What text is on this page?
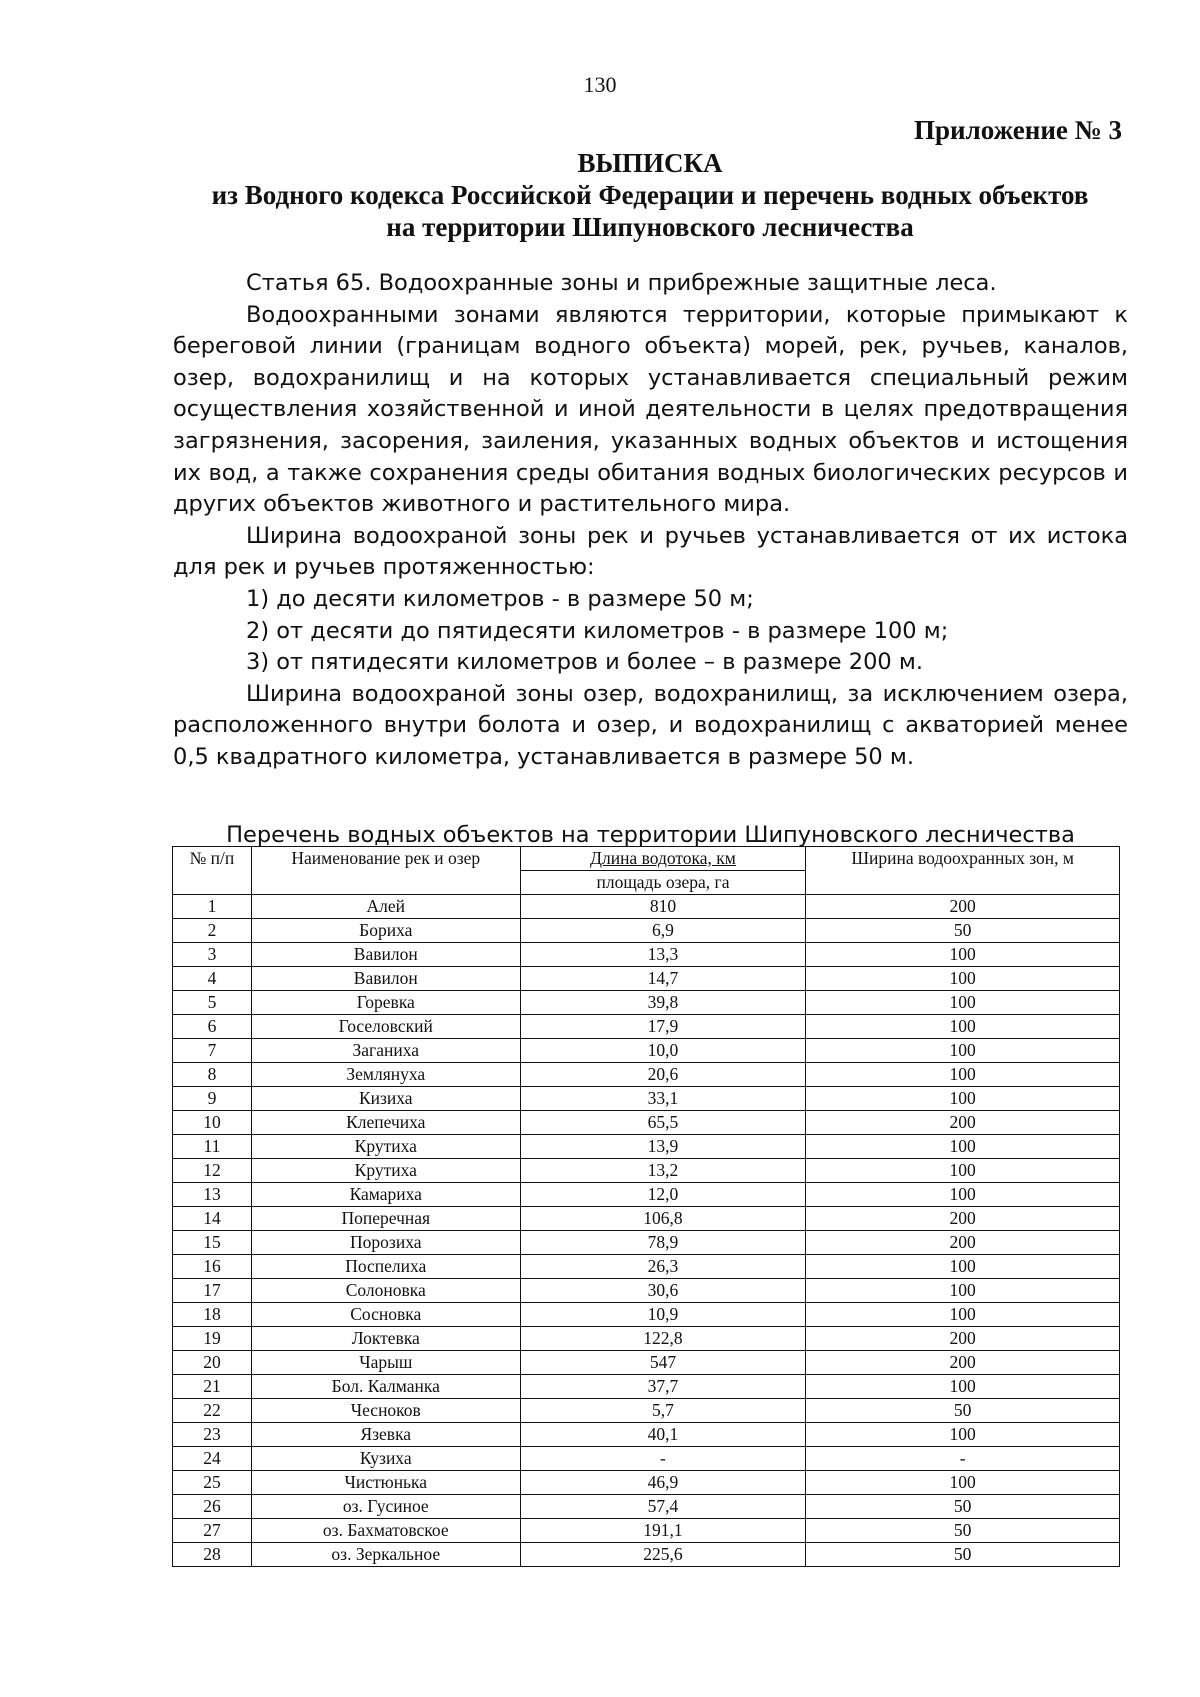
130
Приложение № 3
ВЫПИСКА
из Водного кодекса Российской Федерации и перечень водных объектов
на территории Шипуновского лесничества

Статья 65. Водоохранные зоны и прибрежные защитные леса.

Водоохранными зонами являются территории, которые примыкают к береговой линии (границам водного объекта) морей, рек, ручьев, каналов, озер, водохранилищ и на которых устанавливается специальный режим осуществления хозяйственной и иной деятельности в целях предотвращения загрязнения, засорения, заиления, указанных водных объектов и истощения их вод, а также сохранения среды обитания водных биологических ресурсов и других объектов животного и растительного мира.

Ширина водоохраной зоны рек и ручьев устанавливается от их истока для рек и ручьев протяженностью:

1) до десяти километров - в размере 50 м;

2) от десяти до пятидесяти километров - в размере 100 м;

3) от пятидесяти километров и более – в размере 200 м.

Ширина водоохраной зоны озер, водохранилищ, за исключением озера, расположенного внутри болота и озер, и водохранилищ с акваторией менее 0,5 квадратного километра, устанавливается в размере 50 м.

Перечень водных объектов на территории Шипуновского лесничества
№ п/п	Наименование рек и озер	Длина водотока, км	Ширина водоохранных зон, м
		площадь озера, га	
1	Алей	810	200
2	Бориха	6,9	50
3	Вавилон	13,3	100
4	Вавилон	14,7	100
5	Горевка	39,8	100
6	Госеловский	17,9	100
7	Заганиха	10,0	100
8	Землянуха	20,6	100
9	Кизиха	33,1	100
10	Клепечиха	65,5	200
11	Крутиха	13,9	100
12	Крутиха	13,2	100
13	Камариха	12,0	100
14	Поперечная	106,8	200
15	Порозиха	78,9	200
16	Поспелиха	26,3	100
17	Солоновка	30,6	100
18	Сосновка	10,9	100
19	Локтевка	122,8	200
20	Чарыш	547	200
21	Бол. Калманка	37,7	100
22	Чесноков	5,7	50
23	Язевка	40,1	100
24	Кузиха	-	-
25	Чистюнька	46,9	100
26	оз. Гусиное	57,4	50
27	оз. Бахматовское	191,1	50
28	оз. Зеркальное	225,6	50
